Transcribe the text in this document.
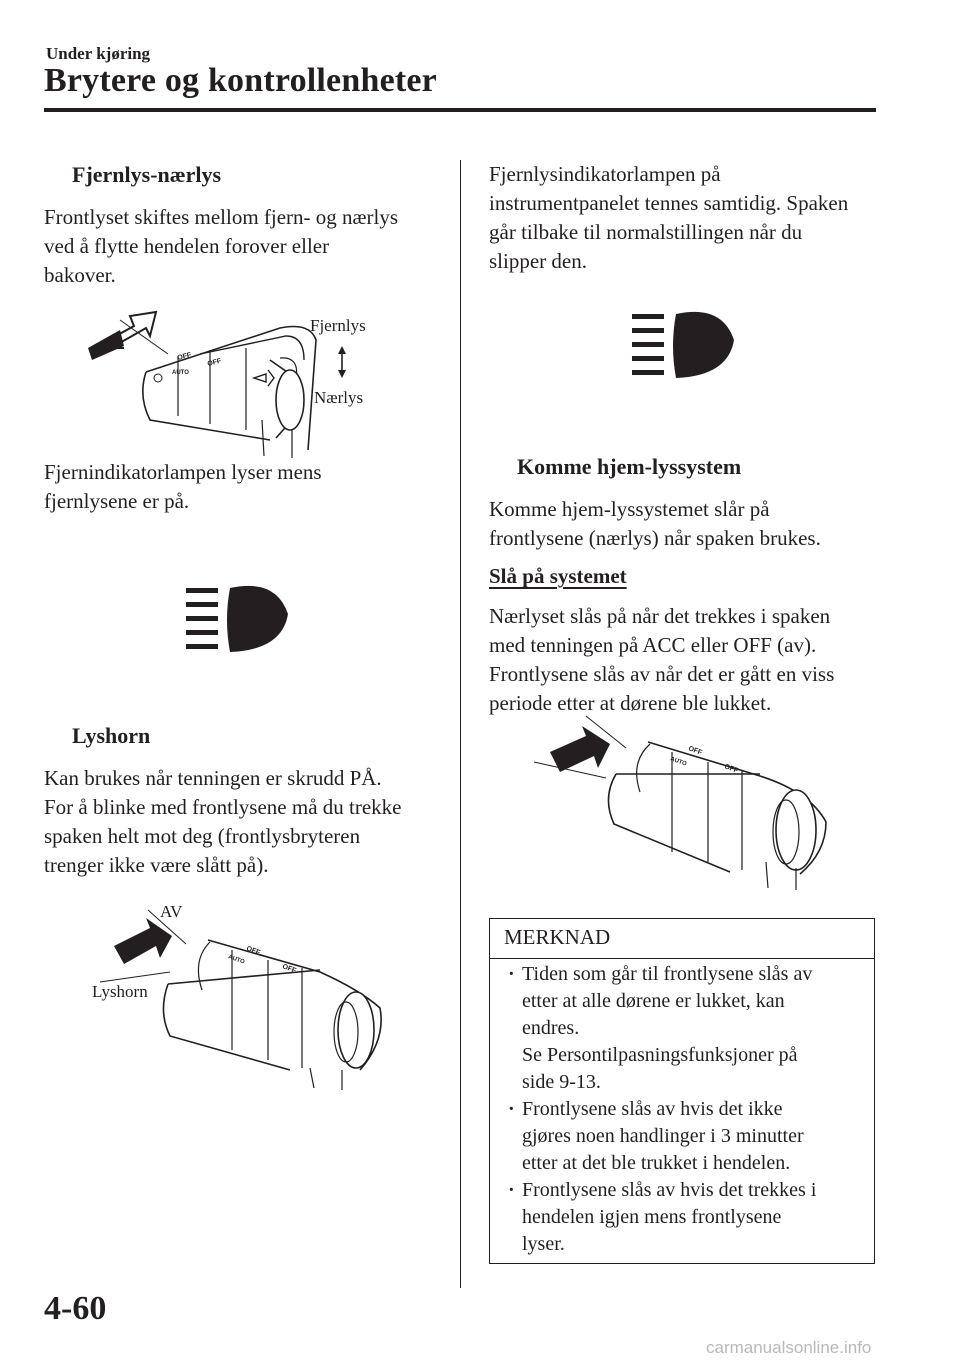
Under kjøring
Brytere og kontrollenheter
Fjernlys-nærlys
Frontlyset skiftes mellom fjern- og nærlys
ved å flytte hendelen forover eller
bakover.
OFF
OFF
AUTO
Fjernlys
Nærlys
Fjernindikatorlampen lyser mens
fjernlysene er på.
Lyshorn
Kan brukes når tenningen er skrudd PÅ.
For å blinke med frontlysene må du trekke
spaken helt mot deg (frontlysbryteren
trenger ikke være slått på).
OFF
OFF
AUTO
AV
Lyshorn
Fjernlysindikatorlampen på
instrumentpanelet tennes samtidig. Spaken
går tilbake til normalstillingen når du
slipper den.
Komme hjem-lyssystem
Komme hjem-lyssystemet slår på
frontlysene (nærlys) når spaken brukes.
Slå på systemet
Nærlyset slås på når det trekkes i spaken
med tenningen på ACC eller OFF (av).
Frontlysene slås av når det er gått en viss
periode etter at dørene ble lukket.
OFF
OFF
AUTO
MERKNAD
· Tiden som går til frontlysene slås av
etter at alle dørene er lukket, kan
endres.
Se Persontilpasningsfunksjoner på
side 9-13.
· Frontlysene slås av hvis det ikke
gjøres noen handlinger i 3 minutter
etter at det ble trukket i hendelen.
· Frontlysene slås av hvis det trekkes i
hendelen igjen mens frontlysene
lyser.
4-60
carmanualsonline.info
